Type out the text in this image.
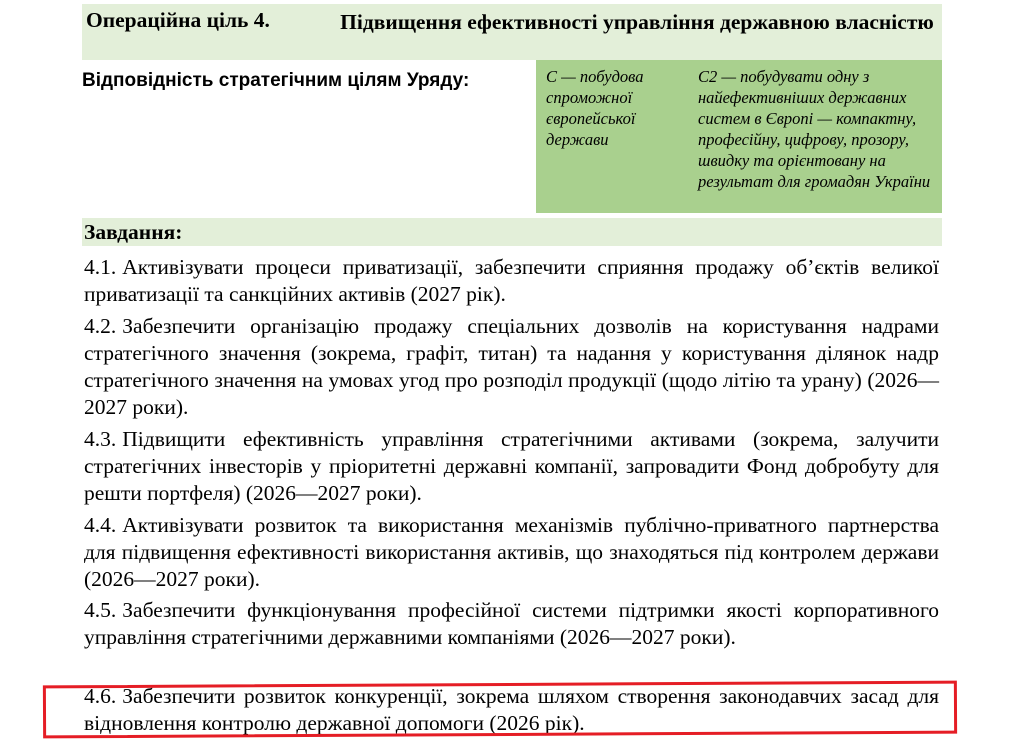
Операційна ціль 4.	Підвищення ефективності управління державною власністю
Відповідність стратегічним цілям Уряду:	С — побудова спроможної європейської держави
С2 — побудувати одну з найефективніших державних систем в Європі — компактну, професійну, цифрову, прозору, швидку та орієнтовану на результат для громадян України
Завдання:
4.1. Активізувати процеси приватизації, забезпечити сприяння продажу об’єктів великої приватизації та санкційних активів (2027 рік).
4.2. Забезпечити організацію продажу спеціальних дозволів на користування надрами стратегічного значення (зокрема, графіт, титан) та надання у користування ділянок надр стратегічного значення на умовах угод про розподіл продукції (щодо літію та урану) (2026—2027 роки).
4.3. Підвищити ефективність управління стратегічними активами (зокрема, залучити стратегічних інвесторів у пріоритетні державні компанії, запровадити Фонд добробуту для решти портфеля) (2026—2027 роки).
4.4. Активізувати розвиток та використання механізмів публічно-приватного партнерства для підвищення ефективності використання активів, що знаходяться під контролем держави (2026—2027 роки).
4.5. Забезпечити функціонування професійної системи підтримки якості корпоративного управління стратегічними державними компаніями (2026—2027 роки).
4.6. Забезпечити розвиток конкуренції, зокрема шляхом створення законодавчих засад для відновлення контролю державної допомоги (2026 рік).
